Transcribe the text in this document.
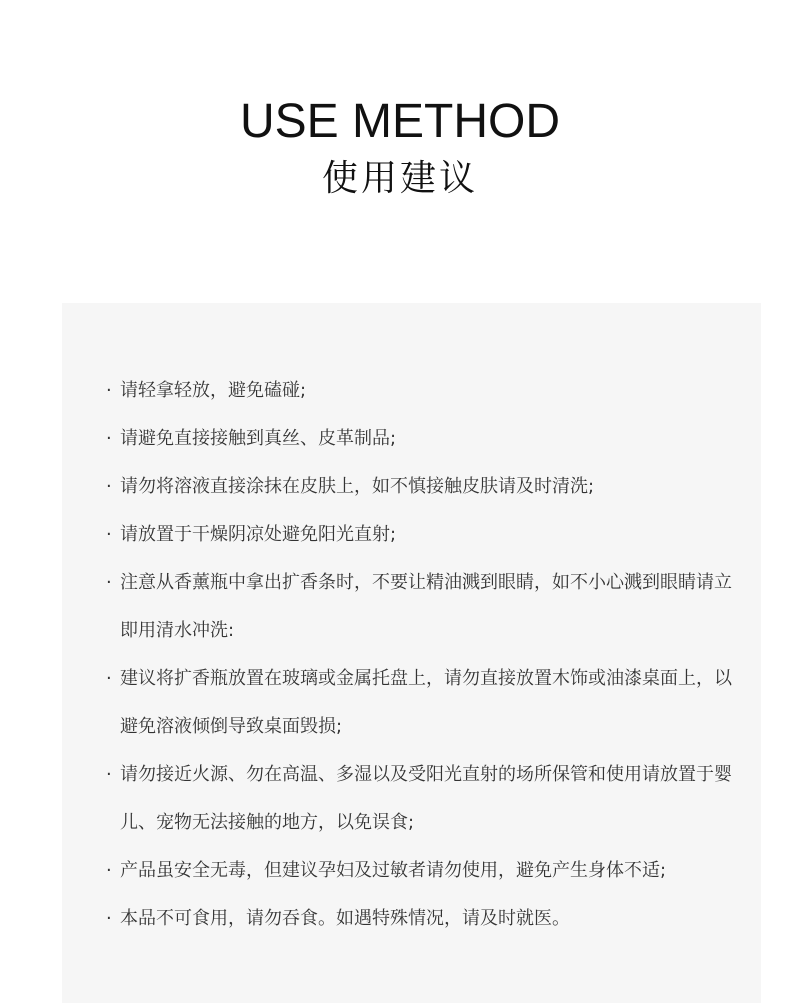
USE METHOD
使用建议
· 请轻拿轻放，避免磕碰;
· 请避免直接接触到真丝、皮革制品;
· 请勿将溶液直接涂抹在皮肤上，如不慎接触皮肤请及时清洗;
· 请放置于干燥阴凉处避免阳光直射;
· 注意从香薰瓶中拿出扩香条时，不要让精油溅到眼睛，如不小心溅到眼睛请立即用清水冲洗:
· 建议将扩香瓶放置在玻璃或金属托盘上，请勿直接放置木饰或油漆桌面上，以避免溶液倾倒导致桌面毁损;
· 请勿接近火源、勿在高温、多湿以及受阳光直射的场所保管和使用请放置于婴儿、宠物无法接触的地方，以免误食;
· 产品虽安全无毒，但建议孕妇及过敏者请勿使用，避免产生身体不适;
· 本品不可食用，请勿吞食。如遇特殊情况，请及时就医。
